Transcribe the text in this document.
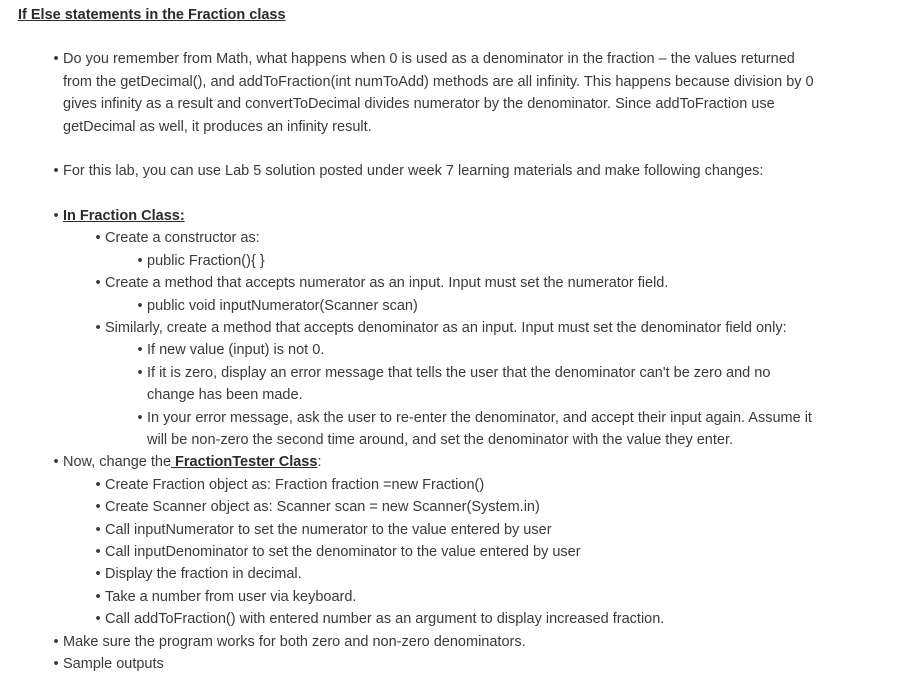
If Else statements in the Fraction class
• Do you remember from Math, what happens when 0 is used as a denominator in the fraction – the values returned
from the getDecimal(), and addToFraction(int numToAdd) methods are all infinity. This happens because division by 0
gives infinity as a result and convertToDecimal divides numerator by the denominator. Since addToFraction use
getDecimal as well, it produces an infinity result.
• For this lab, you can use Lab 5 solution posted under week 7 learning materials and make following changes:
• In Fraction Class:
• Create a constructor as:
• public Fraction(){ }
• Create a method that accepts numerator as an input. Input must set the numerator field.
• public void inputNumerator(Scanner scan)
• Similarly, create a method that accepts denominator as an input. Input must set the denominator field only:
• If new value (input) is not 0.
• If it is zero, display an error message that tells the user that the denominator can't be zero and no
change has been made.
• In your error message, ask the user to re-enter the denominator, and accept their input again. Assume it
will be non-zero the second time around, and set the denominator with the value they enter.
• Now, change the FractionTester Class:
• Create Fraction object as: Fraction fraction =new Fraction()
• Create Scanner object as: Scanner scan = new Scanner(System.in)
• Call inputNumerator to set the numerator to the value entered by user
• Call inputDenominator to set the denominator to the value entered by user
• Display the fraction in decimal.
• Take a number from user via keyboard.
• Call addToFraction() with entered number as an argument to display increased fraction.
• Make sure the program works for both zero and non-zero denominators.
• Sample outputs
